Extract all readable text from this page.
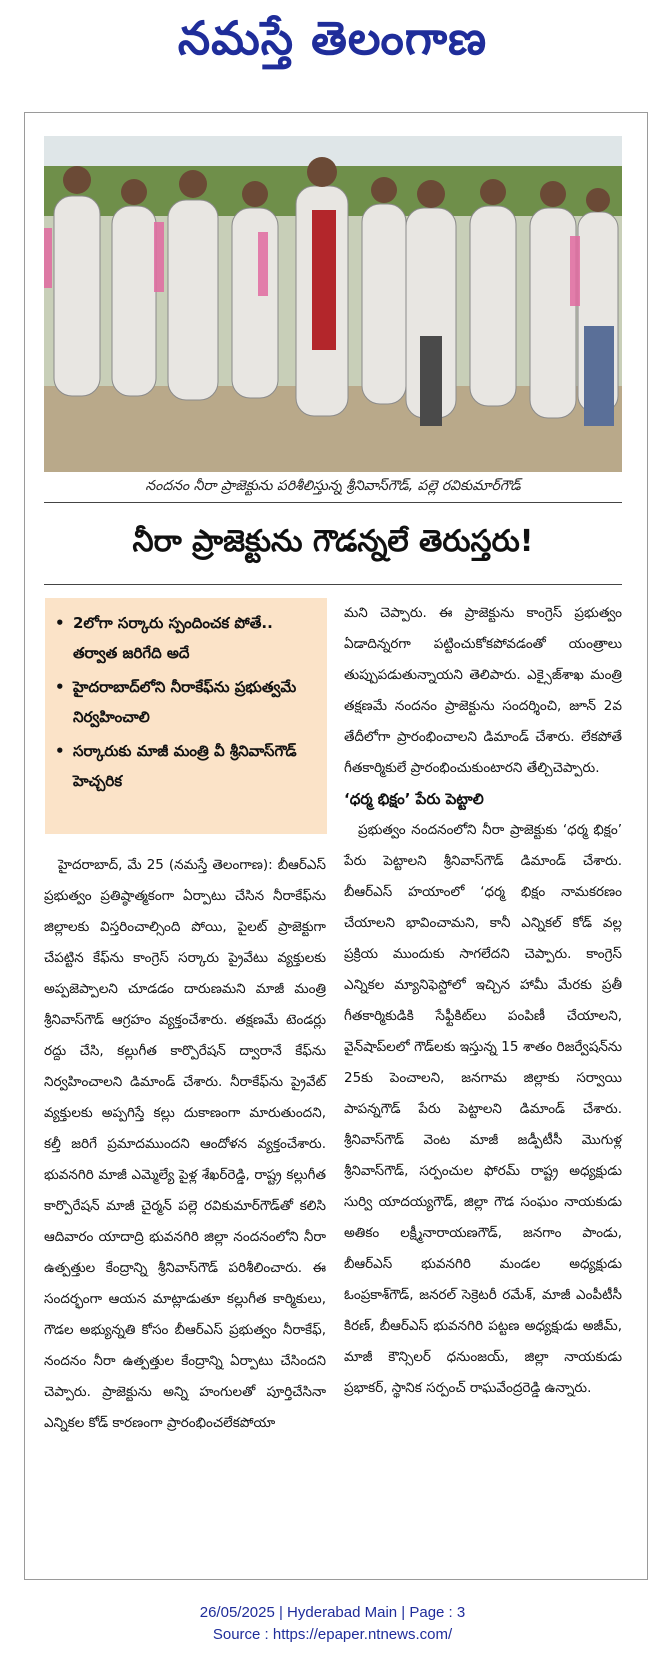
నమస్తే తెలంగాణ
నందనం నీరా ప్రాజెక్టును పరిశీలిస్తున్న శ్రీనివాస్‌గౌడ్‌, పల్లె రవికుమార్‌గౌడ్‌
నీరా ప్రాజెక్టును గౌడన్నలే తెరుస్తరు!
• 2లోగా సర్కారు స్పందించక పోతే.. తర్వాత జరిగేది అదే
• హైదరాబాద్‌లోని నీరాకేఫ్‌ను ప్రభుత్వమే నిర్వహించాలి
• సర్కారుకు మాజీ మంత్రి వీ శ్రీనివాస్‌గౌడ్‌ హెచ్చరిక

హైదరాబాద్‌, మే 25 (నమస్తే తెలంగాణ): బీఆర్‌ఎస్‌ ప్రభుత్వం ప్రతిష్ఠాత్మకంగా ఏర్పాటు చేసిన నీరాకేఫ్‌ను జిల్లాలకు విస్తరించాల్సింది పోయి, పైలట్‌ ప్రాజెక్టుగా చేపట్టిన కేఫ్‌ను కాంగ్రెస్‌ సర్కారు ప్రైవేటు వ్యక్తులకు అప్పజెప్పాలని చూడడం దారుణమని మాజీ మంత్రి శ్రీనివాస్‌గౌడ్‌ ఆగ్రహం వ్యక్తంచేశారు. తక్షణమే టెండర్లు రద్దు చేసి, కల్లుగీత కార్పొరేషన్‌ ద్వారానే కేఫ్‌ను నిర్వహించాలని డిమాండ్‌ చేశారు. నీరాకేఫ్‌ను ప్రైవేట్‌ వ్యక్తులకు అప్పగిస్తే కల్లు దుకాణంగా మారుతుందని, కల్తీ జరిగే ప్రమాదముందని ఆందోళన వ్యక్తంచేశారు. భువనగిరి మాజీ ఎమ్మెల్యే పైళ్ల శేఖర్‌రెడ్డి, రాష్ట్ర కల్లుగీత కార్పొరేషన్‌ మాజీ చైర్మన్‌ పల్లె రవికుమార్‌గౌడ్‌తో కలిసి ఆదివారం యాదాద్రి భువనగిరి జిల్లా నందనంలోని నీరా ఉత్పత్తుల కేంద్రాన్ని శ్రీనివాస్‌గౌడ్‌ పరిశీలించారు. ఈ సందర్భంగా ఆయన మాట్లాడుతూ కల్లుగీత కార్మికులు, గౌడల అభ్యున్నతి కోసం బీఆర్‌ఎస్‌ ప్రభుత్వం నీరాకేఫ్‌, నందనం నీరా ఉత్పత్తుల కేంద్రాన్ని ఏర్పాటు చేసిందని చెప్పారు. ప్రాజెక్టును అన్ని హంగులతో పూర్తిచేసినా ఎన్నికల కోడ్‌ కారణంగా ప్రారంభించలేకపోయా

మని చెప్పారు. ఈ ప్రాజెక్టును కాంగ్రెస్‌ ప్రభుత్వం ఏడాదిన్నరగా పట్టించుకోకపోవడంతో యంత్రాలు తుప్పుపడుతున్నాయని తెలిపారు. ఎక్సైజ్‌శాఖ మంత్రి తక్షణమే నందనం ప్రాజెక్టును సందర్శించి, జూన్‌ 2వ తేదీలోగా ప్రారంభించాలని డిమాండ్‌ చేశారు. లేకపోతే గీతకార్మికులే ప్రారంభించుకుంటారని తేల్చిచెప్పారు.

‘ధర్మ భిక్షం’ పేరు పెట్టాలి

ప్రభుత్వం నందనంలోని నీరా ప్రాజెక్టుకు ‘ధర్మ భిక్షం’ పేరు పెట్టాలని శ్రీనివాస్‌గౌడ్‌ డిమాండ్‌ చేశారు. బీఆర్‌ఎస్‌ హయాంలో ‘ధర్మ భిక్షం నామకరణం చేయాలని భావించామని, కానీ ఎన్నికల్‌ కోడ్‌ వల్ల ప్రక్రియ ముందుకు సాగలేదని చెప్పారు. కాంగ్రెస్‌ ఎన్నికల మ్యానిఫెస్టోలో ఇచ్చిన హామీ మేరకు ప్రతీ గీతకార్మికుడికి సేఫ్టీకిట్‌లు పంపిణీ చేయాలని, వైన్‌షాప్‌లలో గౌడ్‌లకు ఇస్తున్న 15 శాతం రిజర్వేషన్‌ను 25కు పెంచాలని, జనగామ జిల్లాకు సర్వాయి పాపన్నగౌడ్‌ పేరు పెట్టాలని డిమాండ్‌ చేశారు. శ్రీనివాస్‌గౌడ్‌ వెంట మాజీ జడ్పీటీసీ మొగుళ్ల శ్రీనివాస్‌గౌడ్‌, సర్పంచుల ఫోరమ్‌ రాష్ట్ర అధ్యక్షుడు సుర్వి యాదయ్యగౌడ్‌, జిల్లా గౌడ సంఘం నాయకుడు అతికం లక్ష్మీనారాయణగౌడ్‌, జనగాం పాండు, బీఆర్‌ఎస్‌ భువనగిరి మండల అధ్యక్షుడు ఓంప్రకాశ్‌గౌడ్‌, జనరల్‌ సెక్రెటరీ రమేశ్‌, మాజీ ఎంపీటీసీ కిరణ్‌, బీఆర్‌ఎస్‌ భువనగిరి పట్టణ అధ్యక్షుడు అజీమ్‌, మాజీ కౌన్సిలర్‌ ధనుంజయ్‌, జిల్లా నాయకుడు ప్రభాకర్‌, స్థానిక సర్పంచ్‌ రాఘవేంద్రరెడ్డి ఉన్నారు.

26/05/2025 | Hyderabad Main | Page : 3
Source : https://epaper.ntnews.com/
